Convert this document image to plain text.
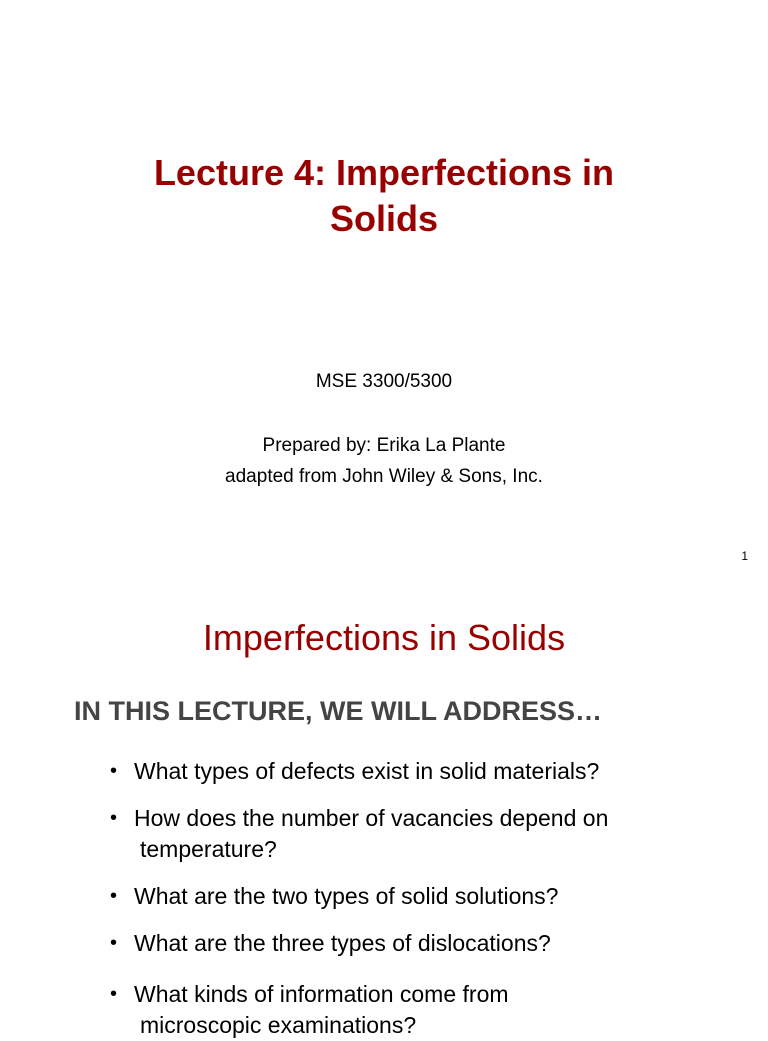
Lecture 4: Imperfections in
Solids
MSE 3300/5300
Prepared by: Erika La Plante
adapted from John Wiley & Sons, Inc.
1
Imperfections in Solids
IN THIS LECTURE, WE WILL ADDRESS…
• What types of defects exist in solid materials?
• How does the number of vacancies depend on
temperature?
• What are the two types of solid solutions?
• What are the three types of dislocations?
• What kinds of information come from
microscopic examinations?
